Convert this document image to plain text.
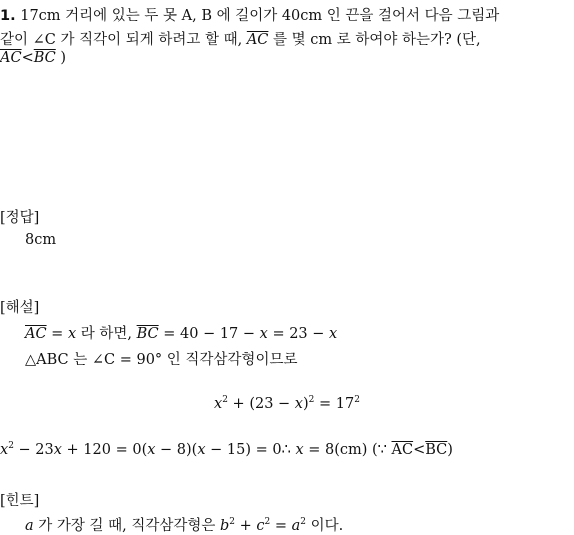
1. 17cm 거리에 있는 두 못 A, B 에 길이가 40cm 인 끈을 걸어서 다음 그림과
같이 ∠C 가 직각이 되게 하려고 할 때, $\overline{AC}$ 를 몇 cm 로 하여야 하는가? (단,
$\overline{AC}<\overline{BC}$ )
[정답]
8cm
[해설]
$\overline{AC} = x$ 라 하면, $\overline{BC} = 40 - 17 - x = 23 - x$
△ABC 는 ∠C = 90° 인 직각삼각형이므로
$x^2 + (23 - x)^2 = 17^2$
$x^2 - 23x + 120 = 0(x - 8)(x - 15)$ = 0∴ x = 8(cm) (∵ $\overline{AC}<\overline{BC}$)
[힌트]
a 가 가장 길 때, 직각삼각형은 $b^2 + c^2 = a^2$ 이다.
